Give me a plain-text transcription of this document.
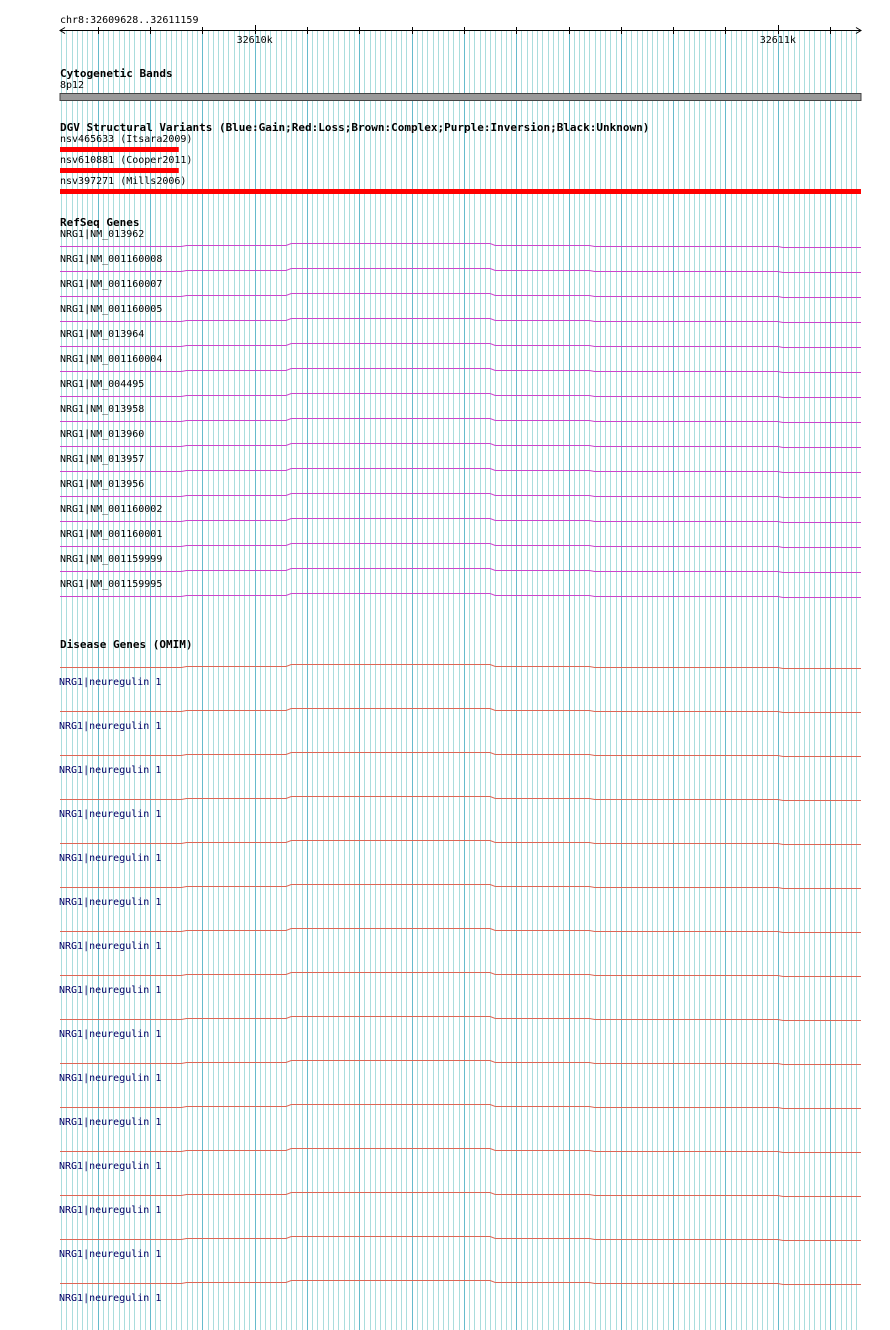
chr8:32609628..32611159
32610k	32611k
Cytogenetic Bands
8p12
DGV Structural Variants (Blue:Gain;Red:Loss;Brown:Complex;Purple:Inversion;Black:Unknown)
nsv465633 (Itsara2009)
nsv610881 (Cooper2011)
nsv397271 (Mills2006)
RefSeq Genes
NRG1|NM_013962
NRG1|NM_001160008
NRG1|NM_001160007
NRG1|NM_001160005
NRG1|NM_013964
NRG1|NM_001160004
NRG1|NM_004495
NRG1|NM_013958
NRG1|NM_013960
NRG1|NM_013957
NRG1|NM_013956
NRG1|NM_001160002
NRG1|NM_001160001
NRG1|NM_001159999
NRG1|NM_001159995
Disease Genes (OMIM)
NRG1|neuregulin 1
NRG1|neuregulin 1
NRG1|neuregulin 1
NRG1|neuregulin 1
NRG1|neuregulin 1
NRG1|neuregulin 1
NRG1|neuregulin 1
NRG1|neuregulin 1
NRG1|neuregulin 1
NRG1|neuregulin 1
NRG1|neuregulin 1
NRG1|neuregulin 1
NRG1|neuregulin 1
NRG1|neuregulin 1
NRG1|neuregulin 1
